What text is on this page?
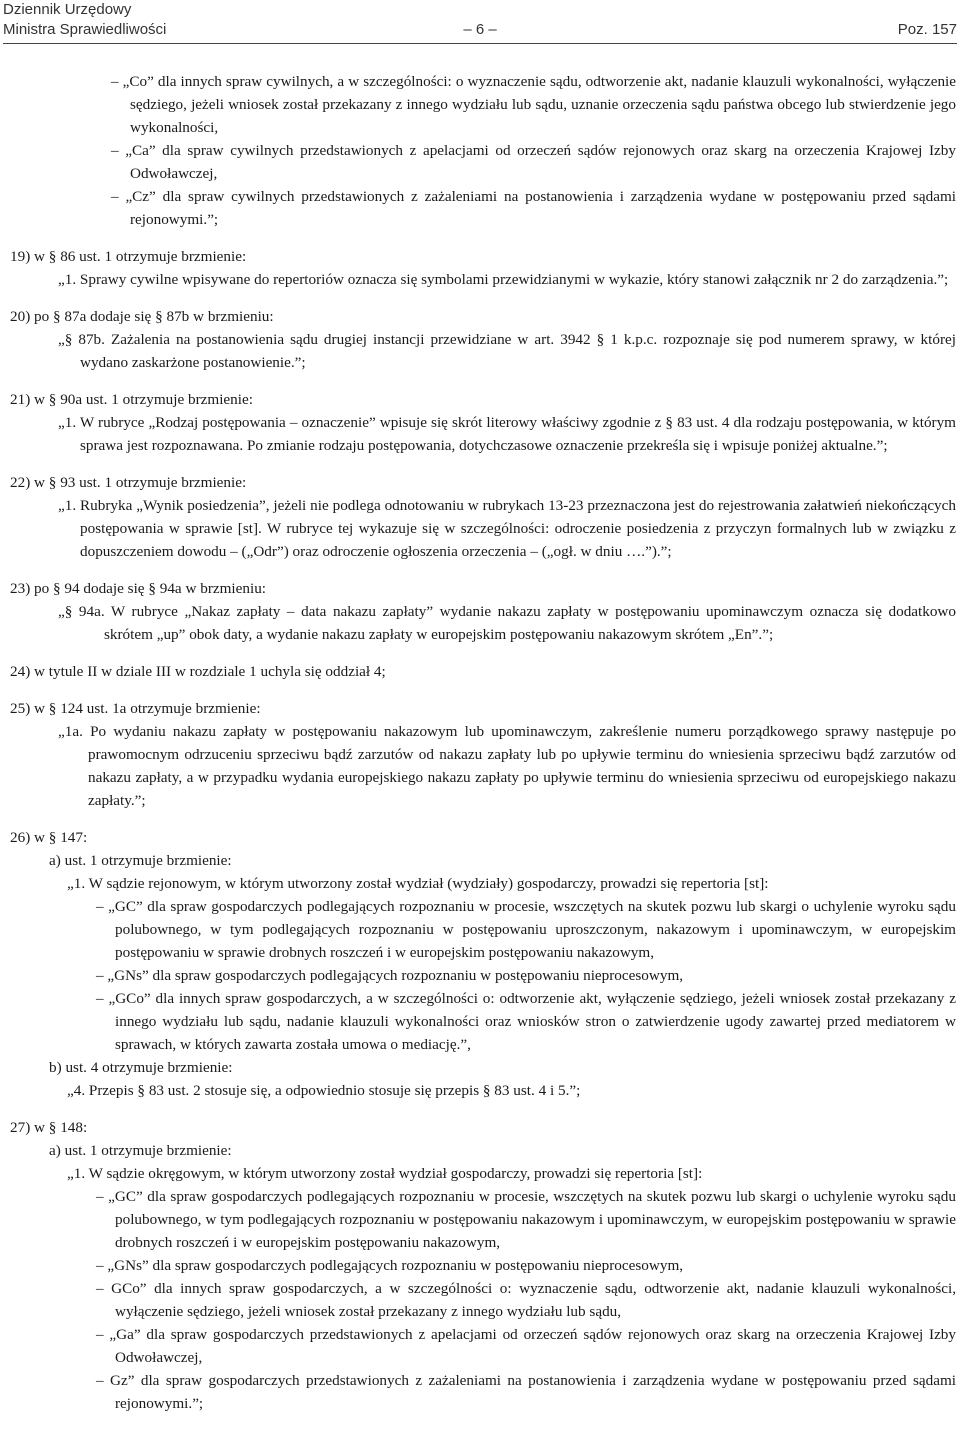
Dziennik Urzędowy
Ministra Sprawiedliwości	– 6 –	Poz. 157

– „Co” dla innych spraw cywilnych, a w szczególności: o wyznaczenie sądu, odtworzenie akt, nadanie klauzuli wykonalności, wyłączenie sędziego, jeżeli wniosek został przekazany z innego wydziału lub sądu, uznanie orzeczenia sądu państwa obcego lub stwierdzenie jego wykonalności,

– „Ca” dla spraw cywilnych przedstawionych z apelacjami od orzeczeń sądów rejonowych oraz skarg na orzeczenia Krajowej Izby Odwoławczej,

– „Cz” dla spraw cywilnych przedstawionych z zażaleniami na postanowienia i zarządzenia wydane w postępowaniu przed sądami rejonowymi.”;

19) w § 86 ust. 1 otrzymuje brzmienie:

„1. Sprawy cywilne wpisywane do repertoriów oznacza się symbolami przewidzianymi w wykazie, który stanowi załącznik nr 2 do zarządzenia.”;

20) po § 87a dodaje się § 87b w brzmieniu:

„§ 87b. Zażalenia na postanowienia sądu drugiej instancji przewidziane w art. 3942 § 1 k.p.c. rozpoznaje się pod numerem sprawy, w której wydano zaskarżone postanowienie.”;

21) w § 90a ust. 1 otrzymuje brzmienie:

„1. W rubryce „Rodzaj postępowania – oznaczenie” wpisuje się skrót literowy właściwy zgodnie z § 83 ust. 4 dla rodzaju postępowania, w którym sprawa jest rozpoznawana. Po zmianie rodzaju postępowania, dotychczasowe oznaczenie przekreśla się i wpisuje poniżej aktualne.”;

22) w § 93 ust. 1 otrzymuje brzmienie:

„1. Rubryka „Wynik posiedzenia”, jeżeli nie podlega odnotowaniu w rubrykach 13-23 przeznaczona jest do rejestrowania załatwień niekończących postępowania w sprawie [st]. W rubryce tej wykazuje się w szczególności: odroczenie posiedzenia z przyczyn formalnych lub w związku z dopuszczeniem dowodu – („Odr”) oraz odroczenie ogłoszenia orzeczenia – („ogł. w dniu ….”).”;

23) po § 94 dodaje się § 94a w brzmieniu:

„§ 94a. W rubryce „Nakaz zapłaty – data nakazu zapłaty” wydanie nakazu zapłaty w postępowaniu upominawczym oznacza się dodatkowo skrótem „up” obok daty, a wydanie nakazu zapłaty w europejskim postępowaniu nakazowym skrótem „En”.”;

24) w tytule II w dziale III w rozdziale 1 uchyla się oddział 4;

25) w § 124 ust. 1a otrzymuje brzmienie:

„1a. Po wydaniu nakazu zapłaty w postępowaniu nakazowym lub upominawczym, zakreślenie numeru porządkowego sprawy następuje po prawomocnym odrzuceniu sprzeciwu bądź zarzutów od nakazu zapłaty lub po upływie terminu do wniesienia sprzeciwu bądź zarzutów od nakazu zapłaty, a w przypadku wydania europejskiego nakazu zapłaty po upływie terminu do wniesienia sprzeciwu od europejskiego nakazu zapłaty.”;

26) w § 147:

a) ust. 1 otrzymuje brzmienie:

„1. W sądzie rejonowym, w którym utworzony został wydział (wydziały) gospodarczy, prowadzi się repertoria [st]:

– „GC” dla spraw gospodarczych podlegających rozpoznaniu w procesie, wszczętych na skutek pozwu lub skargi o uchylenie wyroku sądu polubownego, w tym podlegających rozpoznaniu w postępowaniu uproszczonym, nakazowym i upominawczym, w europejskim postępowaniu w sprawie drobnych roszczeń i w europejskim postępowaniu nakazowym,

– „GNs” dla spraw gospodarczych podlegających rozpoznaniu w postępowaniu nieprocesowym,

– „GCo” dla innych spraw gospodarczych, a w szczególności o: odtworzenie akt, wyłączenie sędziego, jeżeli wniosek został przekazany z innego wydziału lub sądu, nadanie klauzuli wykonalności oraz wniosków stron o zatwierdzenie ugody zawartej przed mediatorem w sprawach, w których zawarta została umowa o mediację.”,

b) ust. 4 otrzymuje brzmienie:

„4. Przepis § 83 ust. 2 stosuje się, a odpowiednio stosuje się przepis § 83 ust. 4 i 5.”;

27) w § 148:

a) ust. 1 otrzymuje brzmienie:

„1. W sądzie okręgowym, w którym utworzony został wydział gospodarczy, prowadzi się repertoria [st]:

– „GC” dla spraw gospodarczych podlegających rozpoznaniu w procesie, wszczętych na skutek pozwu lub skargi o uchylenie wyroku sądu polubownego, w tym podlegających rozpoznaniu w postępowaniu nakazowym i upominawczym, w europejskim postępowaniu w sprawie drobnych roszczeń i w europejskim postępowaniu nakazowym,

– „GNs” dla spraw gospodarczych podlegających rozpoznaniu w postępowaniu nieprocesowym,

– GCo” dla innych spraw gospodarczych, a w szczególności o: wyznaczenie sądu, odtworzenie akt, nadanie klauzuli wykonalności, wyłączenie sędziego, jeżeli wniosek został przekazany z innego wydziału lub sądu,

– „Ga” dla spraw gospodarczych przedstawionych z apelacjami od orzeczeń sądów rejonowych oraz skarg na orzeczenia Krajowej Izby Odwoławczej,

– Gz” dla spraw gospodarczych przedstawionych z zażaleniami na postanowienia i zarządzenia wydane w postępowaniu przed sądami rejonowymi.”;
